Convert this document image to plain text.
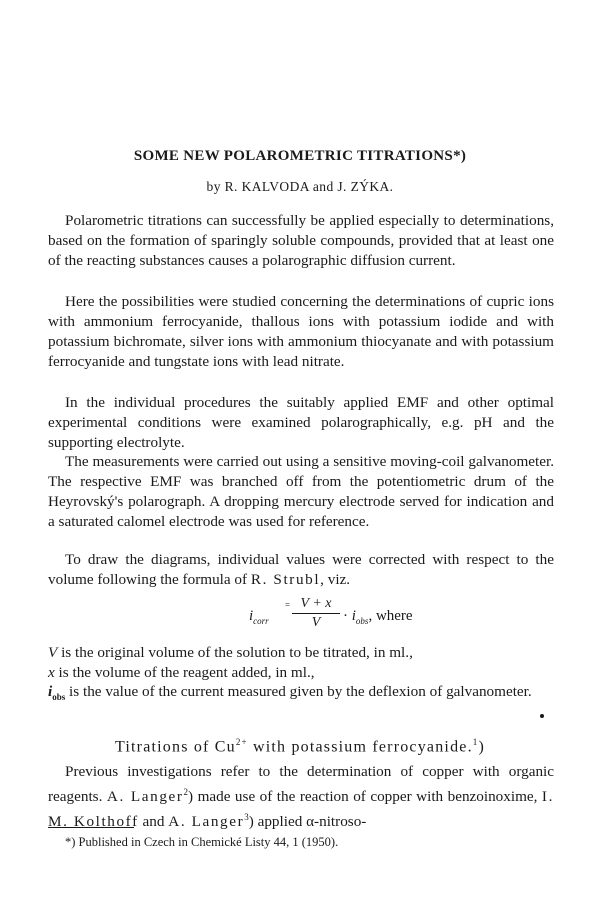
SOME NEW POLAROMETRIC TITRATIONS*)
by R. KALVODA and J. ZÝKA.

Polarometric titrations can successfully be applied especially to determinations, based on the formation of sparingly soluble compounds, provided that at least one of the reacting substances causes a polarographic diffusion current.

Here the possibilities were studied concerning the determinations of cupric ions with ammonium ferrocyanide, thallous ions with potassium iodide and with potassium bichromate, silver ions with ammonium thiocyanate and with potassium ferrocyanide and tungstate ions with lead nitrate.

In the individual procedures the suitably applied EMF and other optimal experimental conditions were examined polarographically, e.g. pH and the supporting electrolyte.

The measurements were carried out using a sensitive moving-coil galvanometer. The respective EMF was branched off from the potentiometric drum of the Heyrovský's polarograph. A dropping mercury electrode served for indication and a saturated calomel electrode was used for reference.

To draw the diagrams, individual values were corrected with respect to the volume following the formula of R. Strubl, viz.

$i_{corr}$
= $\frac{V + x}{V} \cdot i_{obs}$, where
V is the original volume of the solution to be titrated, in ml.,
x is the volume of the reagent added, in ml.,
$i_{obs}$ is the value of the current measured given by the deflexion of galvanometer.
Titrations of $Cu^{2+}$ with potassium ferrocyanide.$^1$)

Previous investigations refer to the determination of copper with organic reagents. A. Langer$^2$) made use of the reaction of copper with benzoinoxime, I. M. Kolthoff and A. Langer$^3$) applied α-nitroso-

*) Published in Czech in Chemické Listy 44, 1 (1950).
